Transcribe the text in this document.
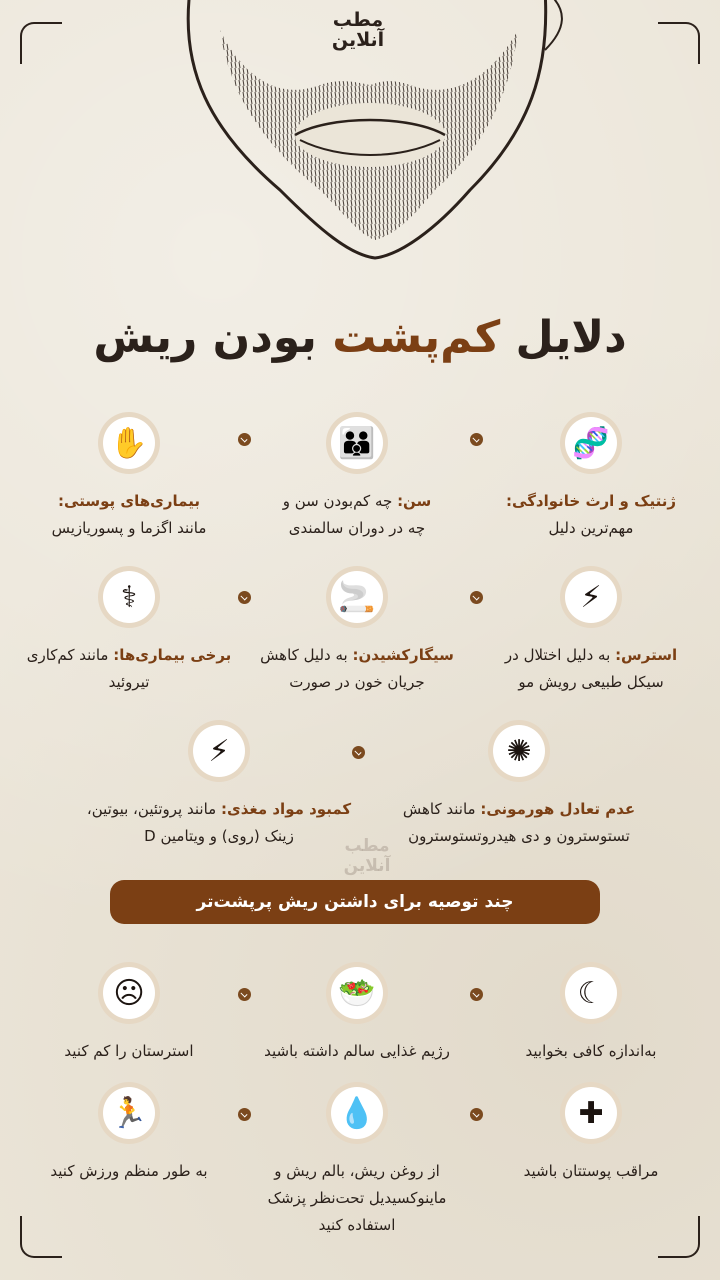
مطب
آنلاین
دلایل کم‌پشت بودن ریش
🧬
ژنتیک و ارث خانوادگی:
مهم‌ترین دلیل
👪
سن: چه کم‌بودن سن و چه در دوران سالمندی
✋
بیماری‌های پوستی:
مانند اگزما و پسوریازیس
⚡
استرس: به دلیل اختلال در سیکل طبیعی رویش مو
🚬
سیگارکشیدن: به دلیل کاهش جریان خون در صورت
⚕
برخی بیماری‌ها: مانند کم‌کاری تیروئید
✺
عدم تعادل هورمونی: مانند کاهش تستوسترون و دی هیدروتستوسترون
⚡
کمبود مواد مغذی: مانند پروتئین، بیوتین، زینک (روی) و ویتامین D	مطب
آنلاین
چند توصیه برای داشتن ریش پرپشت‌تر
☾
به‌اندازه کافی بخوابید
🥗
رژیم غذایی سالم داشته باشید
☹
استرستان را کم کنید
✚
مراقب پوستتان باشید
💧
از روغن ریش، بالم ریش و ماینوکسیدیل تحت‌نظر پزشک استفاده کنید
🏃
به طور منظم ورزش کنید
